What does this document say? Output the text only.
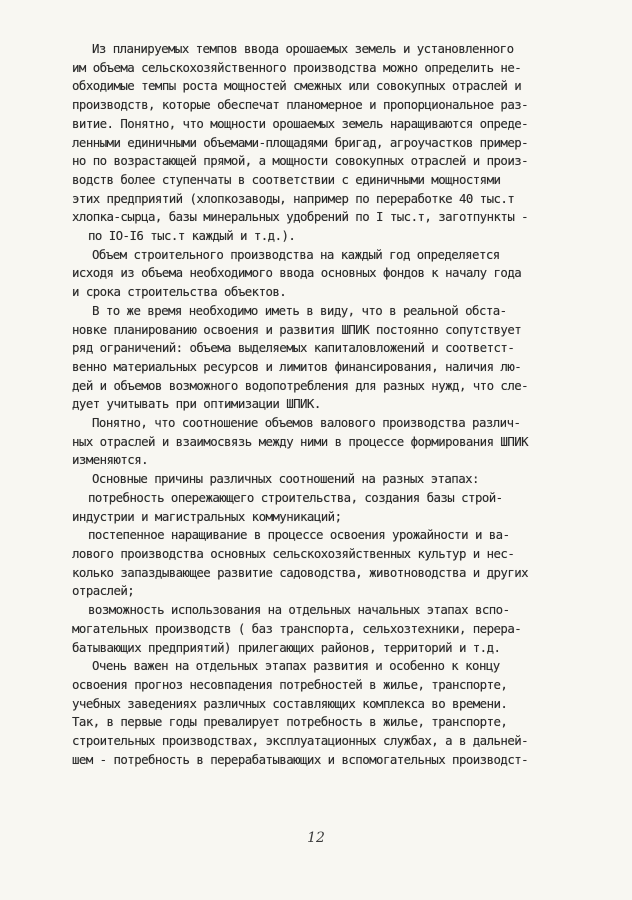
Из планируемых темпов ввода орошаемых земель и установленного
им объема сельскохозяйственного производства можно определить не-
обходимые темпы роста мощностей смежных или совокупных отраслей и
производств, которые обеспечат планомерное и пропорциональное раз-
витие. Понятно, что мощности орошаемых земель наращиваются опреде-
ленными единичными объемами-площадями бригад, агроучастков пример-
но по возрастающей прямой, а мощности совокупных отраслей и произ-
водств более ступенчаты в соответствии с единичными мощностями
этих предприятий (хлопкозаводы, например по переработке 40 тыс.т
хлопка-сырца, базы минеральных удобрений по I тыс.т, заготпункты -
по IO-I6 тыс.т каждый и т.д.).
Объем строительного производства на каждый год определяется
исходя из объема необходимого ввода основных фондов к началу года
и срока строительства объектов.
В то же время необходимо иметь в виду, что в реальной обста-
новке планированию освоения и развития ШПИК постоянно сопутствует
ряд ограничений: объема выделяемых капиталовложений и соответст-
венно материальных ресурсов и лимитов финансирования, наличия лю-
дей и объемов возможного водопотребления для разных нужд, что сле-
дует учитывать при оптимизации ШПИК.
Понятно, что соотношение объемов валового производства различ-
ных отраслей и взаимосвязь между ними в процессе формирования ШПИК
изменяются.
Основные причины различных соотношений на разных этапах:
потребность опережающего строительства, создания базы строй-
индустрии и магистральных коммуникаций;
постепенное наращивание в процессе освоения урожайности и ва-
лового производства основных сельскохозяйственных культур и нес-
колько запаздывающее развитие садоводства, животноводства и других
отраслей;
возможность использования на отдельных начальных этапах вспо-
могательных производств ( баз транспорта, сельхозтехники, перера-
батывающих предприятий) прилегающих районов, территорий и т.д.
Очень важен на отдельных этапах развития и особенно к концу
освоения прогноз несовпадения потребностей в жилье, транспорте,
учебных заведениях различных составляющих комплекса во времени.
Так, в первые годы превалирует потребность в жилье, транспорте,
строительных производствах, эксплуатационных службах, а в дальней-
шем - потребность в перерабатывающих и вспомогательных производст-
12
